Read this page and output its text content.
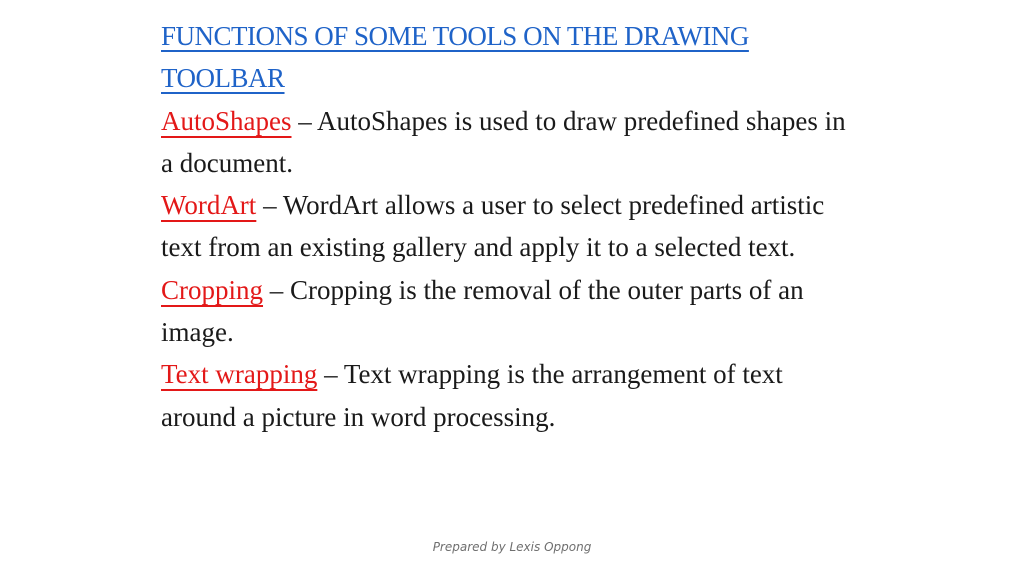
FUNCTIONS OF SOME TOOLS ON THE DRAWING
TOOLBAR

AutoShapes – AutoShapes is used to draw predefined shapes in a document.

WordArt – WordArt allows a user to select predefined artistic text from an existing gallery and apply it to a selected text.

Cropping – Cropping is the removal of the outer parts of an image.

Text wrapping – Text wrapping is the arrangement of text around a picture in word processing.

Prepared by Lexis Oppong
